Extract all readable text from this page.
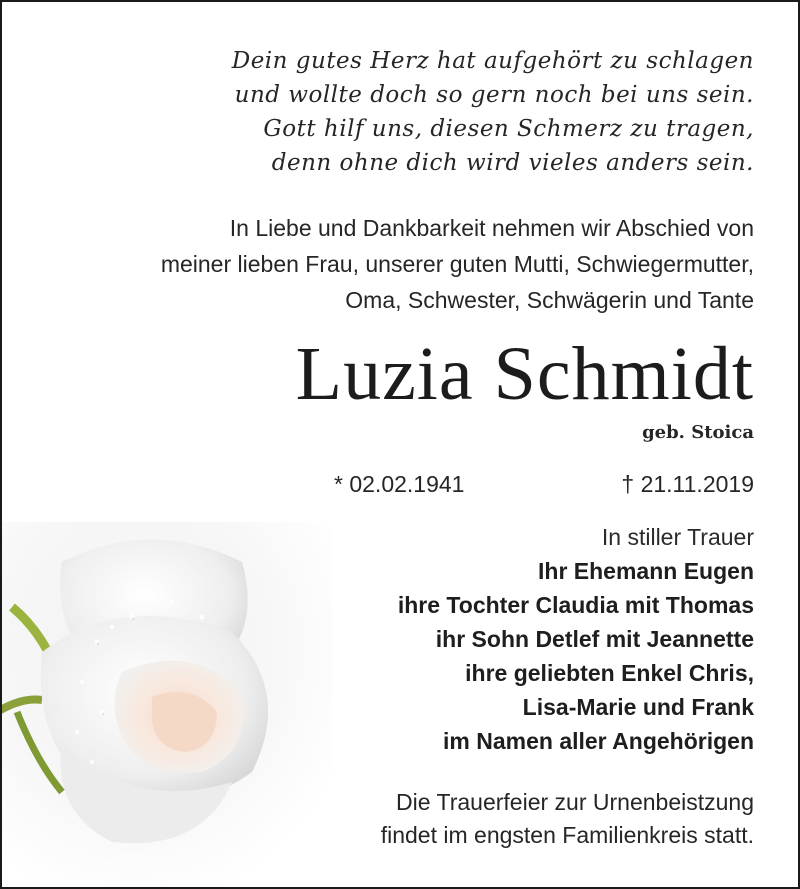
Dein gutes Herz hat aufgehört zu schlagen
und wollte doch so gern noch bei uns sein.
Gott hilf uns, diesen Schmerz zu tragen,
denn ohne dich wird vieles anders sein.
In Liebe und Dankbarkeit nehmen wir Abschied von
meiner lieben Frau, unserer guten Mutti, Schwiegermutter,
Oma, Schwester, Schwägerin und Tante
Luzia Schmidt
geb. Stoica
* 02.02.1941	† 21.11.2019
In stiller Trauer
Ihr Ehemann Eugen
ihre Tochter Claudia mit Thomas
ihr Sohn Detlef mit Jeannette
ihre geliebten Enkel Chris,
Lisa-Marie und Frank
im Namen aller Angehörigen
Die Trauerfeier zur Urnenbeistzung
findet im engsten Familienkreis statt.
